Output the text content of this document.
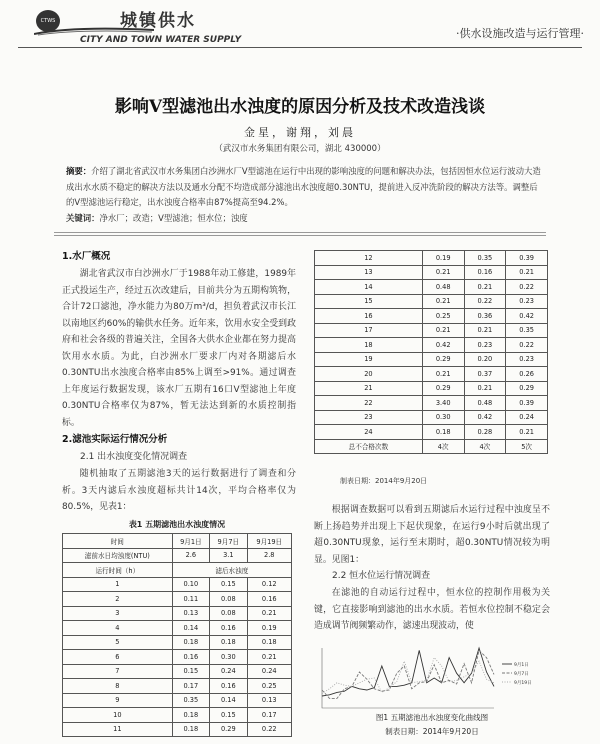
CTWS	城镇供水
CITY AND TOWN WATER SUPPLY	·供水设施改造与运行管理·
影响V型滤池出水浊度的原因分析及技术改造浅谈
金星，谢翔，刘晨
（武汉市水务集团有限公司，湖北 430000）
摘要：介绍了湖北省武汉市水务集团白沙洲水厂V型滤池在运行中出现的影响浊度的问题和解决办法，包括因恒水位运行波动大造成出水水质不稳定的解决方法以及通水分配不均造成部分滤池出水浊度超0.30NTU，提前进入反冲洗阶段的解决方法等。调整后的V型滤池运行稳定，出水浊度合格率由87%提高至94.2%。
关键词：净水厂；改造；V型滤池；恒水位；浊度
1.水厂概况

湖北省武汉市白沙洲水厂于1988年动工修建，1989年正式投运生产，经过五次改建后，目前共分为五期构筑物，合计72口滤池，净水能力为80万m³/d，担负着武汉市长江以南地区约60%的输供水任务。近年来，饮用水安全受到政府和社会各级的普遍关注，全国各大供水企业都在努力提高饮用水水质。为此，白沙洲水厂要求厂内对各期滤后水0.30NTU出水浊度合格率由85%上调至>91%。通过调查上年度运行数据发现，该水厂五期有16口V型滤池上年度0.30NTU合格率仅为87%，暂无法达到新的水质控制指标。

2.滤池实际运行情况分析
2.1 出水浊度变化情况调查

随机抽取了五期滤池3天的运行数据进行了调查和分析。3天内滤后水浊度超标共计14次，平均合格率仅为80.5%，见表1：

表1 五期滤池出水浊度情况
时间	9月1日	9月7日	9月19日
滤前水日均浊度(NTU)	2.6	3.1	2.8
运行时间（h）	滤后水浊度		
1	0.10	0.15	0.12
2	0.11	0.08	0.16
3	0.13	0.08	0.21
4	0.14	0.16	0.19
5	0.18	0.18	0.18
6	0.16	0.30	0.21
7	0.15	0.24	0.24
8	0.17	0.16	0.25
9	0.35	0.14	0.13
10	0.18	0.15	0.17
11	0.18	0.29	0.22
12	0.19	0.35	0.39
13	0.21	0.16	0.21
14	0.48	0.21	0.22
15	0.21	0.22	0.23
16	0.25	0.36	0.42
17	0.21	0.21	0.35
18	0.42	0.23	0.22
19	0.29	0.20	0.23
20	0.21	0.37	0.26
21	0.29	0.21	0.29
22	3.40	0.48	0.39
23	0.30	0.42	0.24
24	0.18	0.28	0.21
总不合格次数	4次	4次	5次
制表日期：2014年9月20日

根据调查数据可以看到五期滤后水运行过程中浊度呈不断上扬趋势并出现上下起伏现象，在运行9小时后就出现了超0.30NTU现象，运行至末期时，超0.30NTU情况较为明显。见图1：

2.2 恒水位运行情况调查

在滤池的自动运行过程中，恒水位的控制作用极为关键，它直接影响到滤池的出水水质。若恒水位控制不稳定会造成调节阀频繁动作，滤速出现波动，使

9月1日
9月7日
9月19日
图1 五期滤池出水浊度变化曲线图
制表日期：2014年9月20日
